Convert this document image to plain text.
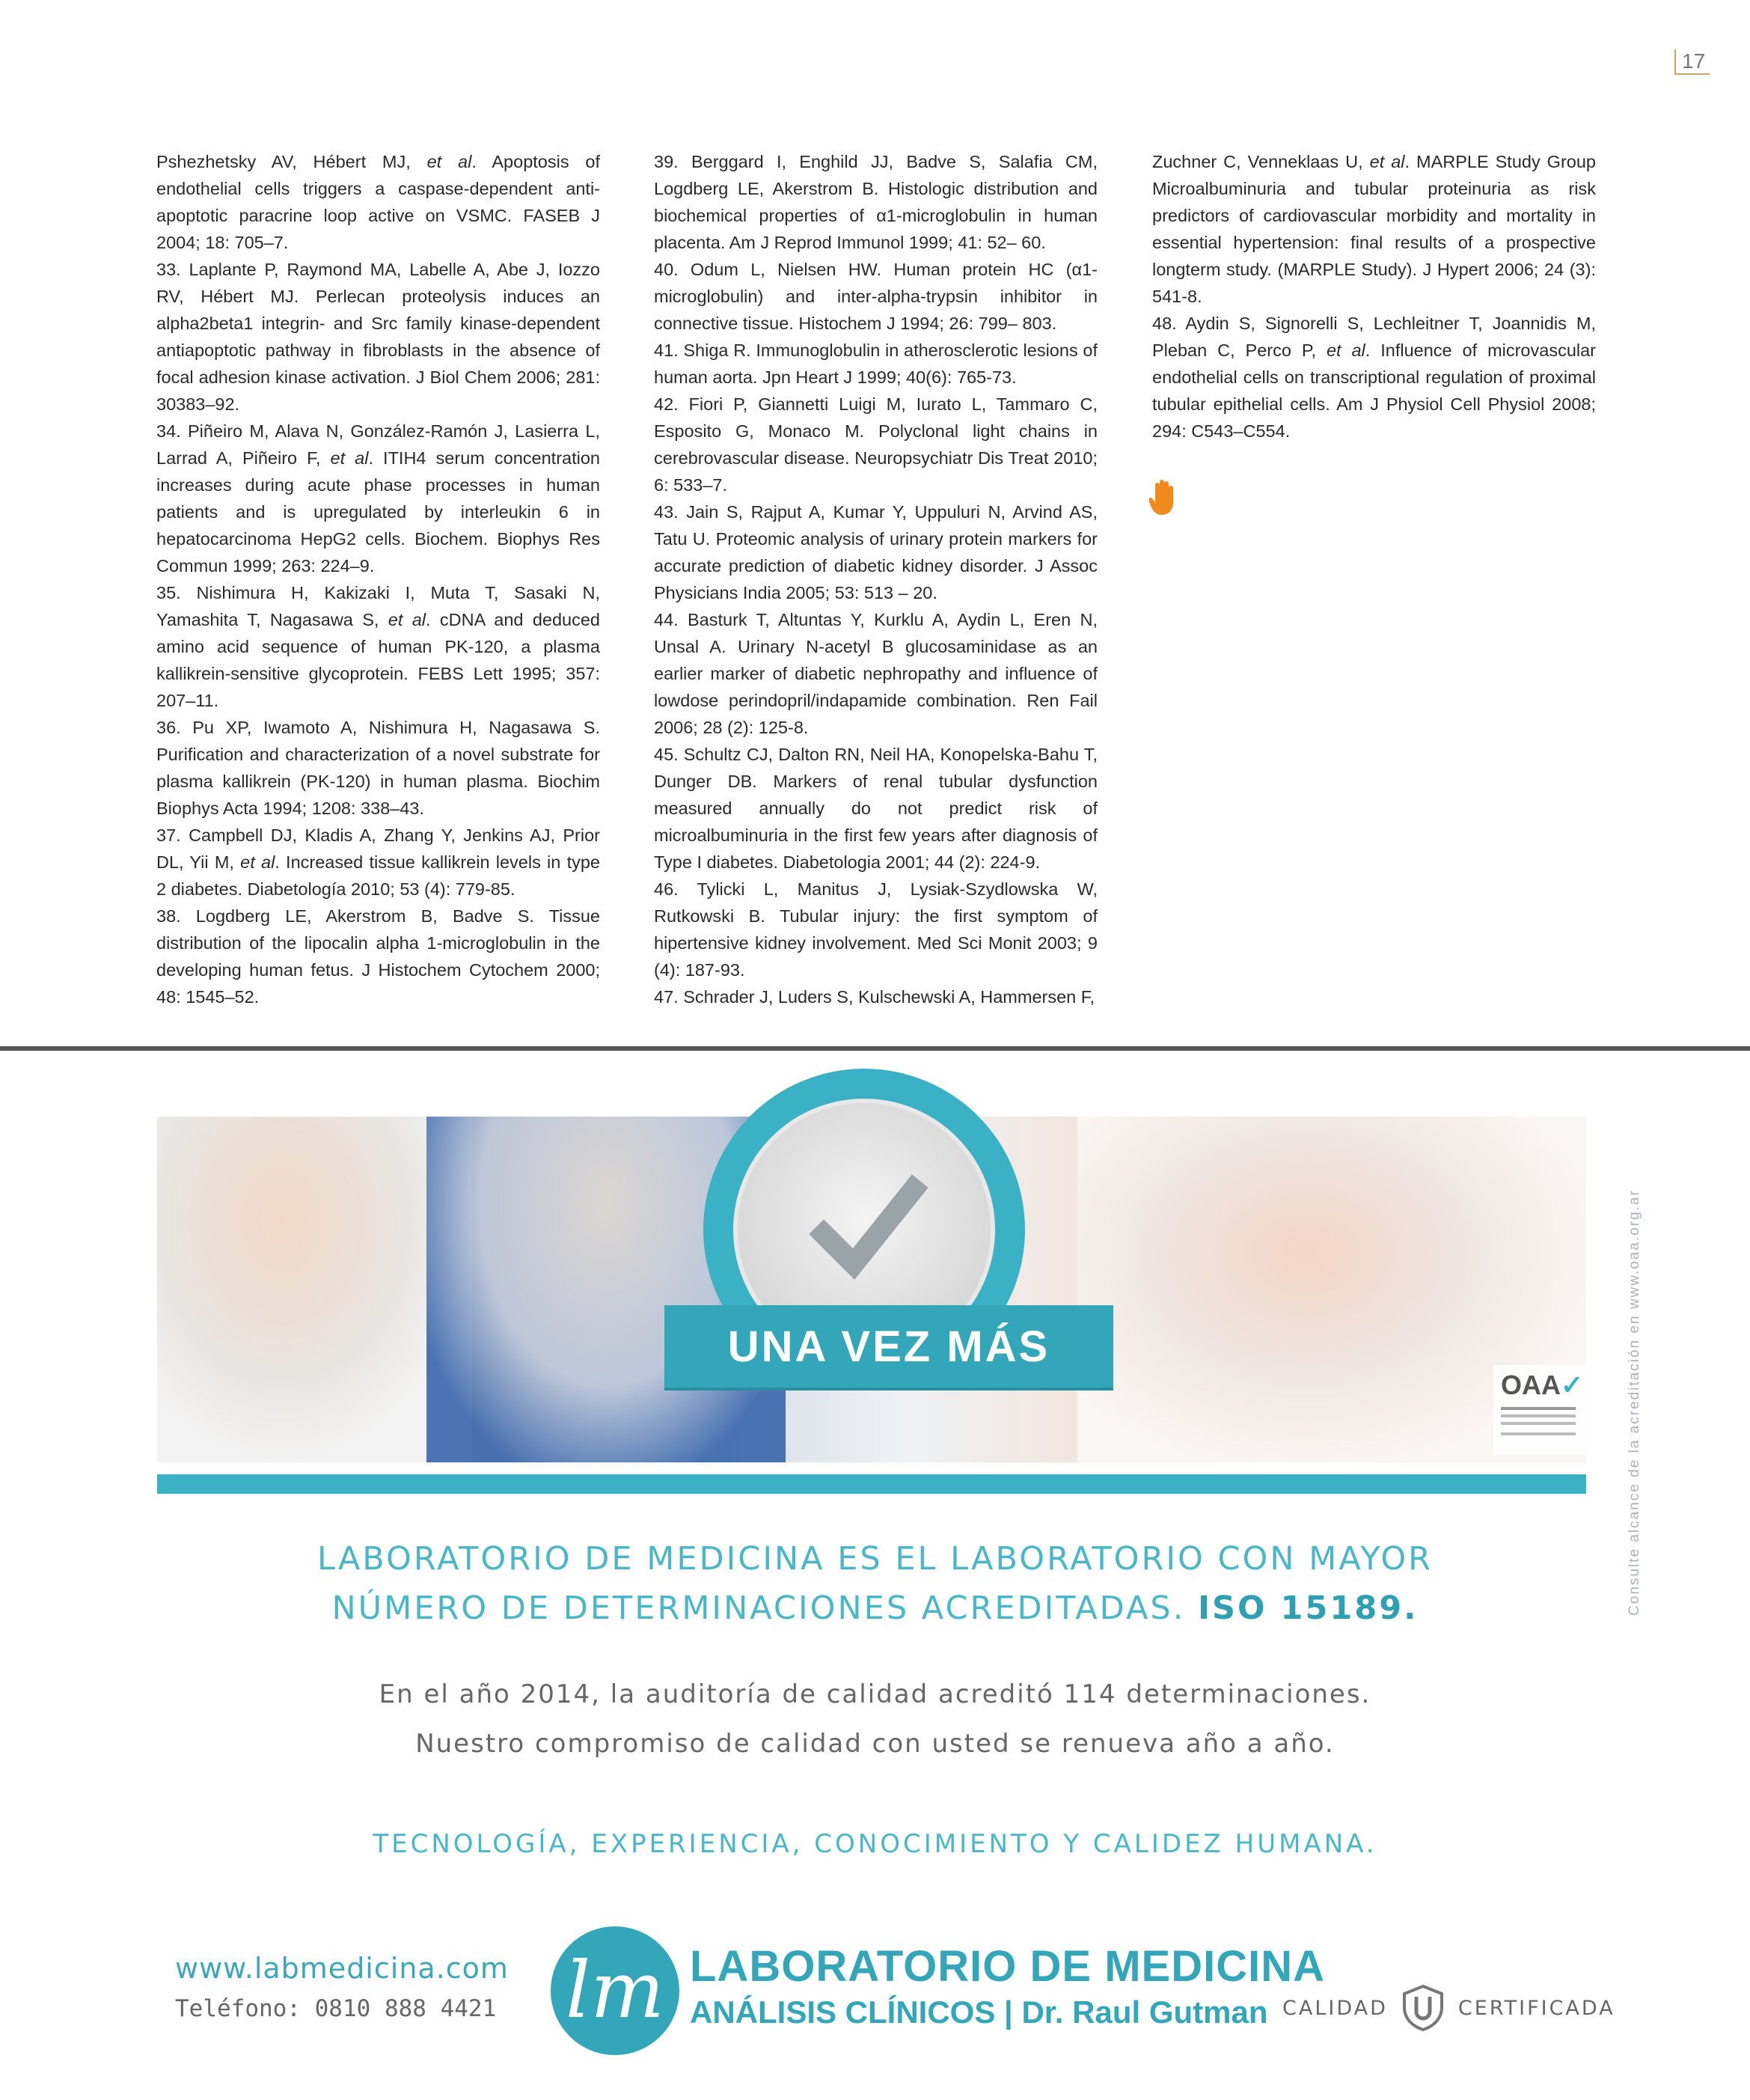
17

Pshezhetsky AV, Hébert MJ, et al. Apoptosis of endothelial cells triggers a caspase-dependent anti-apoptotic paracrine loop active on VSMC. FASEB J 2004; 18: 705–7.

33. Laplante P, Raymond MA, Labelle A, Abe J, Iozzo RV, Hébert MJ. Perlecan proteolysis induces an alpha2beta1 integrin- and Src family kinase-dependent antiapoptotic pathway in fibroblasts in the absence of focal adhesion kinase activation. J Biol Chem 2006; 281: 30383–92.

34. Piñeiro M, Alava N, González-Ramón J, Lasierra L, Larrad A, Piñeiro F, et al. ITIH4 serum concentration increases during acute phase processes in human patients and is upregulated by interleukin 6 in hepatocarcinoma HepG2 cells. Biochem. Biophys Res Commun 1999; 263: 224–9.

35. Nishimura H, Kakizaki I, Muta T, Sasaki N, Yamashita T, Nagasawa S, et al. cDNA and deduced amino acid sequence of human PK-120, a plasma kallikrein-sensitive glycoprotein. FEBS Lett 1995; 357: 207–11.

36. Pu XP, Iwamoto A, Nishimura H, Nagasawa S. Purification and characterization of a novel substrate for plasma kallikrein (PK-120) in human plasma. Biochim Biophys Acta 1994; 1208: 338–43.

37. Campbell DJ, Kladis A, Zhang Y, Jenkins AJ, Prior DL, Yii M, et al. Increased tissue kallikrein levels in type 2 diabetes. Diabetología 2010; 53 (4): 779-85.

38. Logdberg LE, Akerstrom B, Badve S. Tissue distribution of the lipocalin alpha 1-microglobulin in the developing human fetus. J Histochem Cytochem 2000; 48: 1545–52.

39. Berggard I, Enghild JJ, Badve S, Salafia CM, Logdberg LE, Akerstrom B. Histologic distribution and biochemical properties of α1-microglobulin in human placenta. Am J Reprod Immunol 1999; 41: 52– 60.

40. Odum L, Nielsen HW. Human protein HC (α1-microglobulin) and inter-alpha-trypsin inhibitor in connective tissue. Histochem J 1994; 26: 799– 803.

41. Shiga R. Immunoglobulin in atherosclerotic lesions of human aorta. Jpn Heart J 1999; 40(6): 765-73.

42. Fiori P, Giannetti Luigi M, Iurato L, Tammaro C, Esposito G, Monaco M. Polyclonal light chains in cerebrovascular disease. Neuropsychiatr Dis Treat 2010; 6: 533–7.

43. Jain S, Rajput A, Kumar Y, Uppuluri N, Arvind AS, Tatu U. Proteomic analysis of urinary protein markers for accurate prediction of diabetic kidney disorder. J Assoc Physicians India 2005; 53: 513 – 20.

44. Basturk T, Altuntas Y, Kurklu A, Aydin L, Eren N, Unsal A. Urinary N-acetyl B glucosaminidase as an earlier marker of diabetic nephropathy and influence of lowdose perindopril/indapamide combination. Ren Fail 2006; 28 (2): 125-8.

45. Schultz CJ, Dalton RN, Neil HA, Konopelska-Bahu T, Dunger DB. Markers of renal tubular dysfunction measured annually do not predict risk of microalbuminuria in the first few years after diagnosis of Type I diabetes. Diabetologia 2001; 44 (2): 224-9.

46. Tylicki L, Manitus J, Lysiak-Szydlowska W, Rutkowski B. Tubular injury: the first symptom of hipertensive kidney involvement. Med Sci Monit 2003; 9 (4): 187-93.

47. Schrader J, Luders S, Kulschewski A, Hammersen F,

Zuchner C, Venneklaas U, et al. MARPLE Study Group Microalbuminuria and tubular proteinuria as risk predictors of cardiovascular morbidity and mortality in essential hypertension: final results of a prospective longterm study. (MARPLE Study). J Hypert 2006; 24 (3): 541-8.

48. Aydin S, Signorelli S, Lechleitner T, Joannidis M, Pleban C, Perco P, et al. Influence of microvascular endothelial cells on transcriptional regulation of proximal tubular epithelial cells. Am J Physiol Cell Physiol 2008; 294: C543–C554.

UNA VEZ MÁS
OAA✓	Consulte alcance de la acreditación en www.oaa.org.ar
LABORATORIO DE MEDICINA ES EL LABORATORIO CON MAYOR
NÚMERO DE DETERMINACIONES ACREDITADAS. ISO 15189.
En el año 2014, la auditoría de calidad acreditó 114 determinaciones.
Nuestro compromiso de calidad con usted se renueva año a año.
TECNOLOGÍA, EXPERIENCIA, CONOCIMIENTO Y CALIDEZ HUMANA.
www.labmedicina.com
Teléfono: 0810 888 4421 lm LABORATORIO DE MEDICINA
ANÁLISIS CLÍNICOS | Dr. Raul Gutman CALIDAD	CERTIFICADA
